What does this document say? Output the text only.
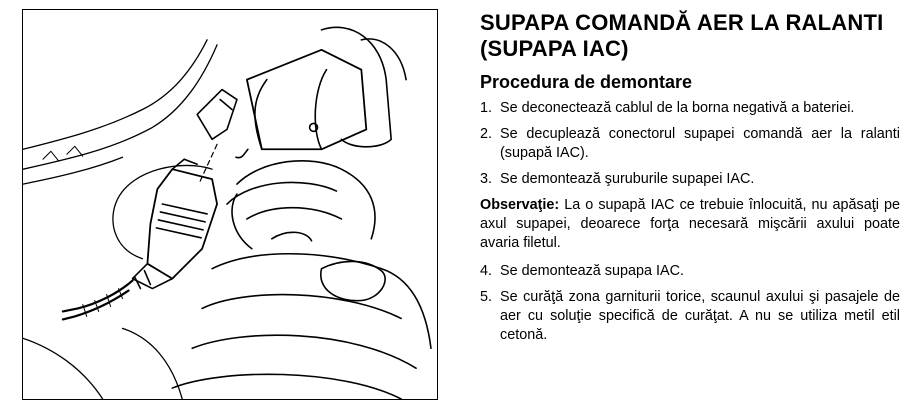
SUPAPA COMANDĂ AER LA RALANTI (SUPAPA IAC)
Procedura de demontare
1. Se deconectează cablul de la borna negativă a bateriei.
2. Se decuplează conectorul supapei comandă aer la ralanti (supapă IAC).
3. Se demontează şuruburile supapei IAC.

Observaţie: La o supapă IAC ce trebuie înlocuită, nu apăsaţi pe axul supapei, deoarece forţa necesară mişcării axului poate avaria filetul.

4. Se demontează supapa IAC.
5. Se curăţă zona garniturii torice, scaunul axului şi pasajele de aer cu soluţie specifică de curăţat. A nu se utiliza metil etil cetonă.
